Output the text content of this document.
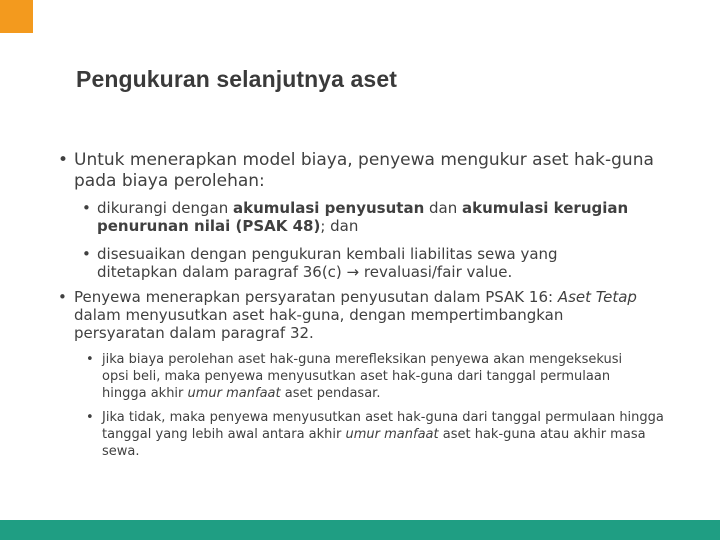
Pengukuran selanjutnya aset
• Untuk menerapkan model biaya, penyewa mengukur aset hak-guna pada biaya perolehan:
• dikurangi dengan akumulasi penyusutan dan akumulasi kerugian penurunan nilai (PSAK 48); dan
• disesuaikan dengan pengukuran kembali liabilitas sewa yang ditetapkan dalam paragraf 36(c) → revaluasi/fair value.
• Penyewa menerapkan persyaratan penyusutan dalam PSAK 16: Aset Tetap dalam menyusutkan aset hak-guna, dengan mempertimbangkan persyaratan dalam paragraf 32.
• jika biaya perolehan aset hak-guna merefleksikan penyewa akan mengeksekusi opsi beli, maka penyewa menyusutkan aset hak-guna dari tanggal permulaan hingga akhir umur manfaat aset pendasar.
• Jika tidak, maka penyewa menyusutkan aset hak-guna dari tanggal permulaan hingga tanggal yang lebih awal antara akhir umur manfaat aset hak-guna atau akhir masa sewa.
